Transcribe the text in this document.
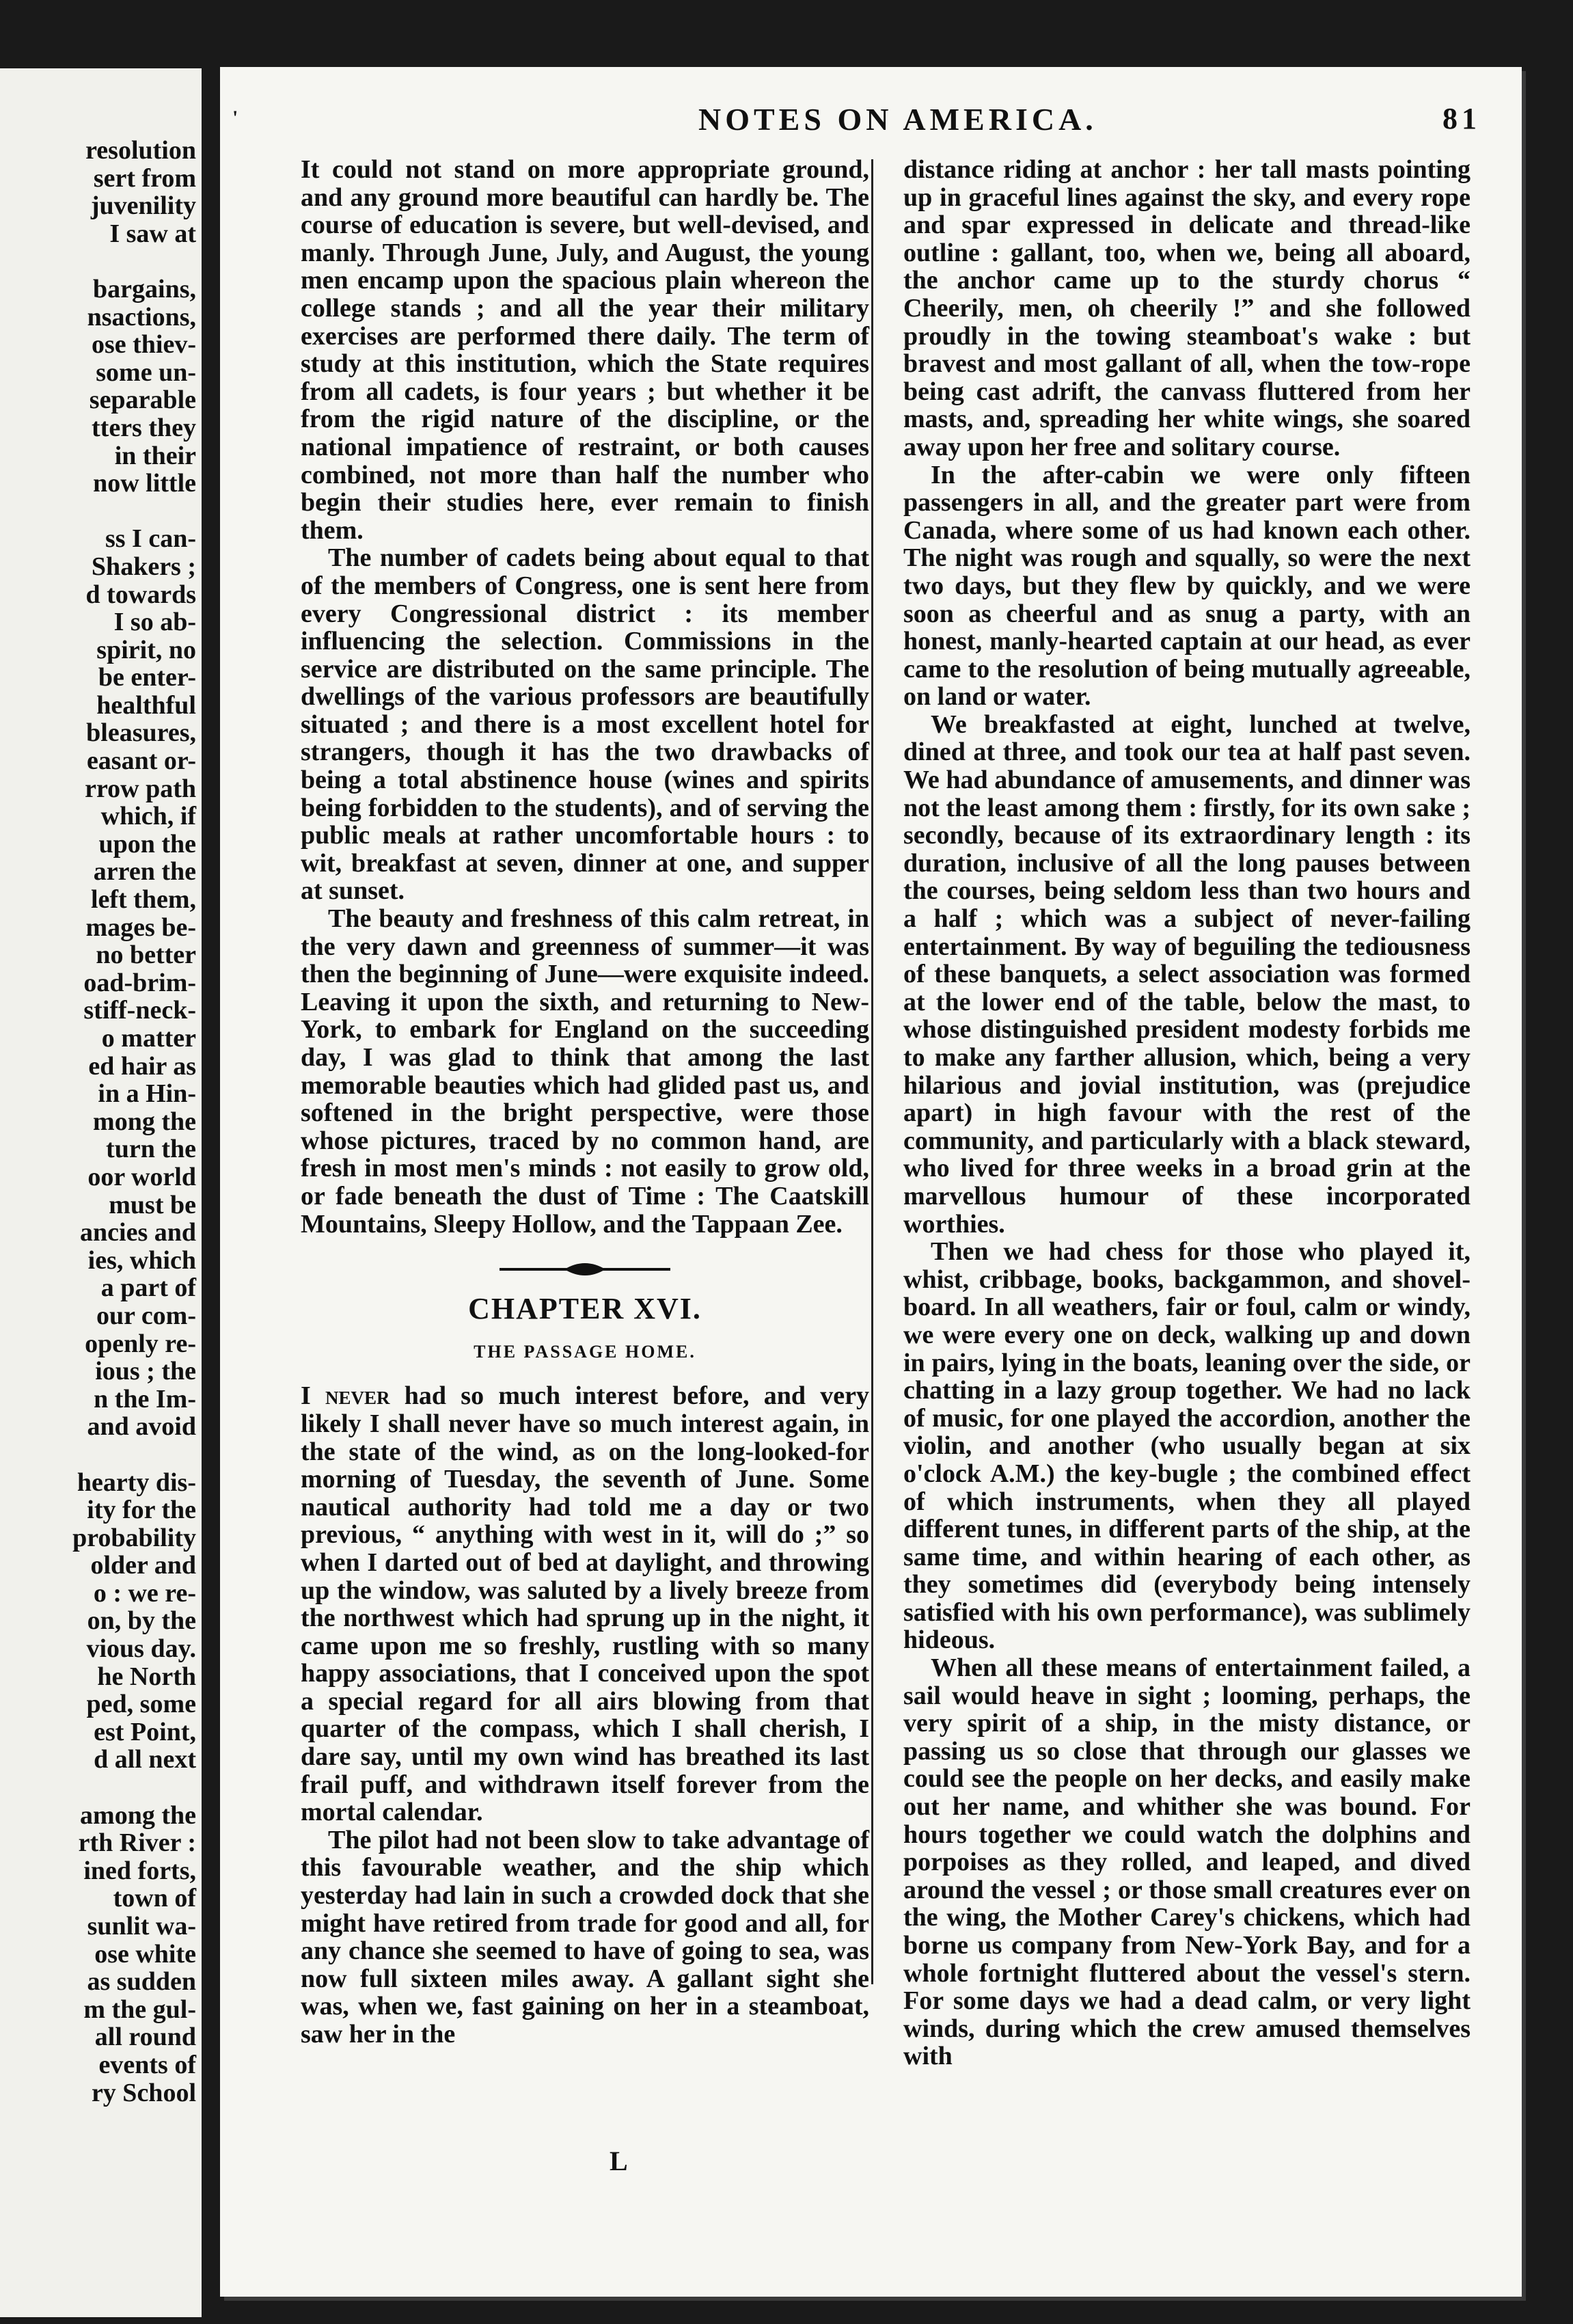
resolution
sert from
juvenility
I saw at
bargains,
nsactions,
ose thiev-
some un-
separable
tters they
in their
now little
ss I can-
Shakers ;
d towards
I so ab-
spirit, no
be enter-
healthful
bleasures,
easant or-
rrow path
which, if
upon the
arren the
left them,
mages be-
no better
oad-brim-
stiff-neck-
o matter
ed hair as
in a Hin-
mong the
turn the
oor world
must be
ancies and
ies, which
a part of
our com-
openly re-
ious ; the
n the Im-
and avoid
hearty dis-
ity for the
probability
older and
o : we re-
on, by the
vious day.
he North
ped, some
est Point,
d all next
among the
rth River :
ined forts,
town of
sunlit wa-
ose white
as sudden
m the gul-
all round
events of
ry School
'	NOTES ON AMERICA.	81

It could not stand on more appropriate ground, and any ground more beautiful can hardly be. The course of education is severe, but well-devised, and manly. Through June, July, and August, the young men encamp upon the spacious plain whereon the college stands ; and all the year their military exercises are performed there daily. The term of study at this institution, which the State requires from all cadets, is four years ; but whether it be from the rigid nature of the discipline, or the national impatience of restraint, or both causes combined, not more than half the number who begin their studies here, ever remain to finish them.

The number of cadets being about equal to that of the members of Congress, one is sent here from every Congressional district : its member influencing the selection. Commissions in the service are distributed on the same principle. The dwellings of the various professors are beautifully situated ; and there is a most excellent hotel for strangers, though it has the two drawbacks of being a total abstinence house (wines and spirits being forbidden to the students), and of serving the public meals at rather uncomfortable hours : to wit, breakfast at seven, dinner at one, and supper at sunset.

The beauty and freshness of this calm retreat, in the very dawn and greenness of summer—it was then the beginning of June—were exquisite indeed. Leaving it upon the sixth, and returning to New-York, to embark for England on the succeeding day, I was glad to think that among the last memorable beauties which had glided past us, and softened in the bright perspective, were those whose pictures, traced by no common hand, are fresh in most men's minds : not easily to grow old, or fade beneath the dust of Time : The Caatskill Mountains, Sleepy Hollow, and the Tappaan Zee.

CHAPTER XVI.
THE PASSAGE HOME.

I never had so much interest before, and very likely I shall never have so much interest again, in the state of the wind, as on the long-looked-for morning of Tuesday, the seventh of June. Some nautical authority had told me a day or two previous, “ anything with west in it, will do ;” so when I darted out of bed at daylight, and throwing up the window, was saluted by a lively breeze from the northwest which had sprung up in the night, it came upon me so freshly, rustling with so many happy associations, that I conceived upon the spot a special regard for all airs blowing from that quarter of the compass, which I shall cherish, I dare say, until my own wind has breathed its last frail puff, and withdrawn itself forever from the mortal calendar.

The pilot had not been slow to take advantage of this favourable weather, and the ship which yesterday had lain in such a crowded dock that she might have retired from trade for good and all, for any chance she seemed to have of going to sea, was now full sixteen miles away. A gallant sight she was, when we, fast gaining on her in a steamboat, saw her in the

distance riding at anchor : her tall masts pointing up in graceful lines against the sky, and every rope and spar expressed in delicate and thread-like outline : gallant, too, when we, being all aboard, the anchor came up to the sturdy chorus “ Cheerily, men, oh cheerily !” and she followed proudly in the towing steamboat's wake : but bravest and most gallant of all, when the tow-rope being cast adrift, the canvass fluttered from her masts, and, spreading her white wings, she soared away upon her free and solitary course.

In the after-cabin we were only fifteen passengers in all, and the greater part were from Canada, where some of us had known each other. The night was rough and squally, so were the next two days, but they flew by quickly, and we were soon as cheerful and as snug a party, with an honest, manly-hearted captain at our head, as ever came to the resolution of being mutually agreeable, on land or water.

We breakfasted at eight, lunched at twelve, dined at three, and took our tea at half past seven. We had abundance of amusements, and dinner was not the least among them : firstly, for its own sake ; secondly, because of its extraordinary length : its duration, inclusive of all the long pauses between the courses, being seldom less than two hours and a half ; which was a subject of never-failing entertainment. By way of beguiling the tediousness of these banquets, a select association was formed at the lower end of the table, below the mast, to whose distinguished president modesty forbids me to make any farther allusion, which, being a very hilarious and jovial institution, was (prejudice apart) in high favour with the rest of the community, and particularly with a black steward, who lived for three weeks in a broad grin at the marvellous humour of these incorporated worthies.

Then we had chess for those who played it, whist, cribbage, books, backgammon, and shovel-board. In all weathers, fair or foul, calm or windy, we were every one on deck, walking up and down in pairs, lying in the boats, leaning over the side, or chatting in a lazy group together. We had no lack of music, for one played the accordion, another the violin, and another (who usually began at six o'clock A.M.) the key-bugle ; the combined effect of which instruments, when they all played different tunes, in different parts of the ship, at the same time, and within hearing of each other, as they sometimes did (everybody being intensely satisfied with his own performance), was sublimely hideous.

When all these means of entertainment failed, a sail would heave in sight ; looming, perhaps, the very spirit of a ship, in the misty distance, or passing us so close that through our glasses we could see the people on her decks, and easily make out her name, and whither she was bound. For hours together we could watch the dolphins and porpoises as they rolled, and leaped, and dived around the vessel ; or those small creatures ever on the wing, the Mother Carey's chickens, which had borne us company from New-York Bay, and for a whole fortnight fluttered about the vessel's stern. For some days we had a dead calm, or very light winds, during which the crew amused themselves with

L
